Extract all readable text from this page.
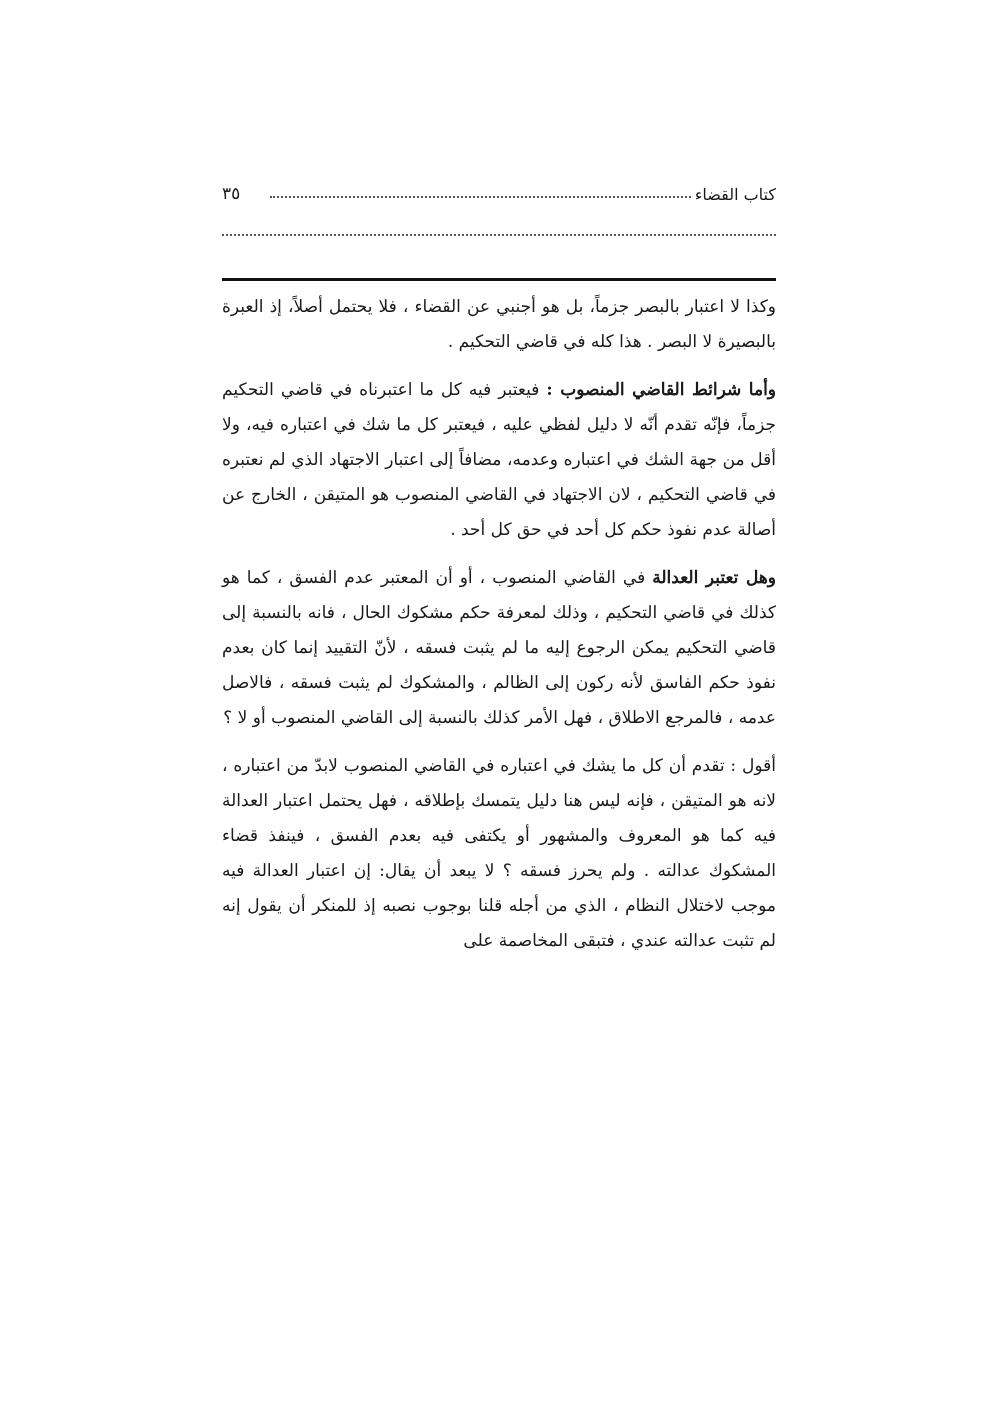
كتاب القضاء
٣٥

وكذا لا اعتبار بالبصر جزماً، بل هو أجنبي عن القضاء ، فلا يحتمل أصلاً، إذ العبرة بالبصيرة لا البصر . هذا كله في قاضي التحكيم .

وأما شرائط القاضي المنصوب : فيعتبر فيه كل ما اعتبرناه في قاضي التحكيم جزماً، فإنّه تقدم أنّه لا دليل لفظي عليه ، فيعتبر كل ما شك في اعتباره فيه، ولا أقل من جهة الشك في اعتباره وعدمه، مضافاً إلى اعتبار الاجتهاد الذي لم نعتبره في قاضي التحكيم ، لان الاجتهاد في القاضي المنصوب هو المتيقن ، الخارج عن أصالة عدم نفوذ حكم كل أحد في حق كل أحد .

وهل تعتبر العدالة في القاضي المنصوب ، أو أن المعتبر عدم الفسق ، كما هو كذلك في قاضي التحكيم ، وذلك لمعرفة حكم مشكوك الحال ، فانه بالنسبة إلى قاضي التحكيم يمكن الرجوع إليه ما لم يثبت فسقه ، لأنّ التقييد إنما كان بعدم نفوذ حكم الفاسق لأنه ركون إلى الظالم ، والمشكوك لم يثبت فسقه ، فالاصل عدمه ، فالمرجع الاطلاق ، فهل الأمر كذلك بالنسبة إلى القاضي المنصوب أو لا ؟

أقول : تقدم أن كل ما يشك في اعتباره في القاضي المنصوب لابدّ من اعتباره ، لانه هو المتيقن ، فإنه ليس هنا دليل يتمسك بإطلاقه ، فهل يحتمل اعتبار العدالة فيه كما هو المعروف والمشهور أو يكتفى فيه بعدم الفسق ، فينفذ قضاء المشكوك عدالته . ولم يحرز فسقه ؟ لا يبعد أن يقال: إن اعتبار العدالة فيه موجب لاختلال النظام ، الذي من أجله قلنا بوجوب نصبه إذ للمنكر أن يقول إنه لم تثبت عدالته عندي ، فتبقى المخاصمة على
